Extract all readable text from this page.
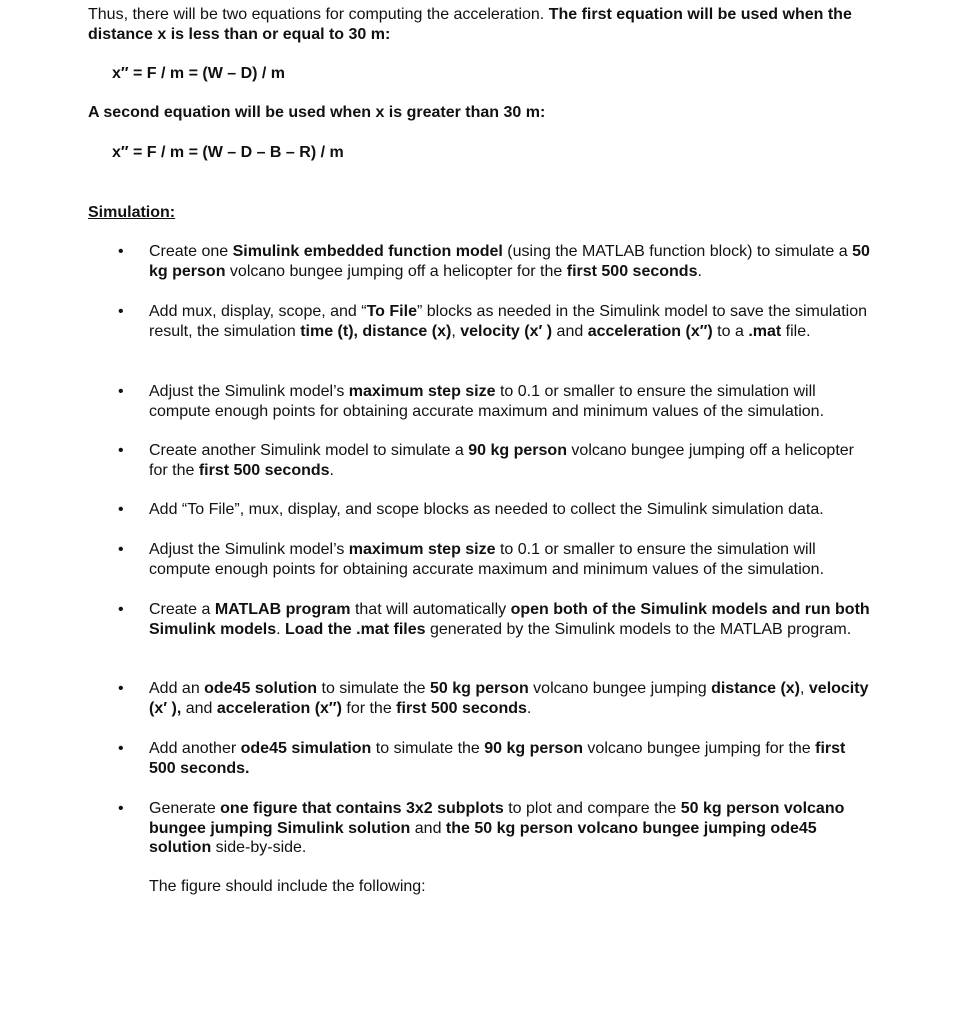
Thus, there will be two equations for computing the acceleration. The first equation will be used when the distance x is less than or equal to 30 m:

x″ = F / m = (W – D) / m

A second equation will be used when x is greater than 30 m:

x″ = F / m = (W – D – B – R) / m
Simulation:
• Create one Simulink embedded function model (using the MATLAB function block) to simulate a 50 kg person volcano bungee jumping off a helicopter for the first 500 seconds.

• Add mux, display, scope, and “To File” blocks as needed in the Simulink model to save the simulation result, the simulation time (t), distance (x), velocity (x′ ) and acceleration (x″) to a .mat file.

• Adjust the Simulink model’s maximum step size to 0.1 or smaller to ensure the simulation will compute enough points for obtaining accurate maximum and minimum values of the simulation.

• Create another Simulink model to simulate a 90 kg person volcano bungee jumping off a helicopter for the first 500 seconds.

• Add “To File”, mux, display, and scope blocks as needed to collect the Simulink simulation data.

• Adjust the Simulink model’s maximum step size to 0.1 or smaller to ensure the simulation will compute enough points for obtaining accurate maximum and minimum values of the simulation.

• Create a MATLAB program that will automatically open both of the Simulink models and run both Simulink models. Load the .mat files generated by the Simulink models to the MATLAB program.

• Add an ode45 solution to simulate the 50 kg person volcano bungee jumping distance (x), velocity (x′ ), and acceleration (x″) for the first 500 seconds.

• Add another ode45 simulation to simulate the 90 kg person volcano bungee jumping for the first 500 seconds.

• Generate one figure that contains 3x2 subplots to plot and compare the 50 kg person volcano bungee jumping Simulink solution and the 50 kg person volcano bungee jumping ode45 solution side-by-side.

The figure should include the following:
